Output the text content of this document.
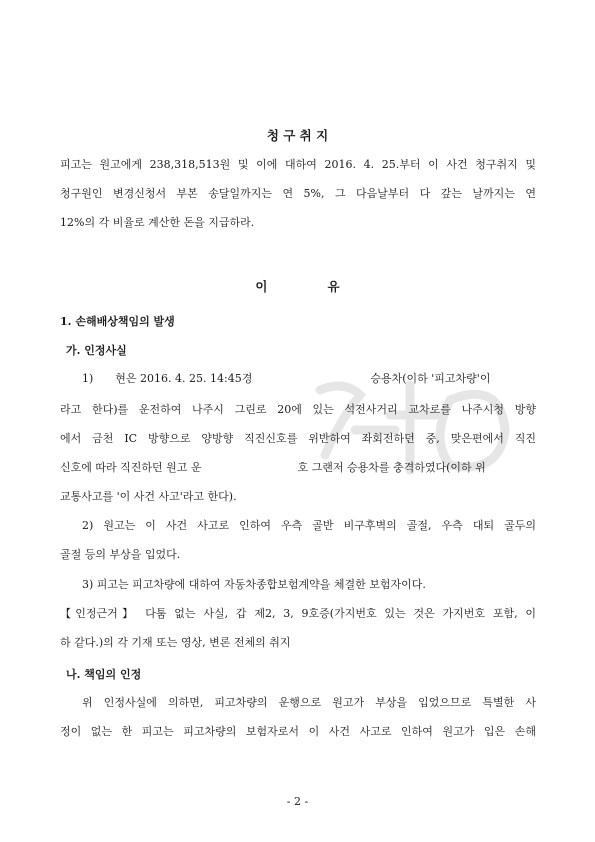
청 구 취 지
피고는 원고에게 238,318,513원 및 이에 대하여 2016. 4. 25.부터 이 사건 청구취지 및
청구원인 변경신청서 부본 송달일까지는 연 5%, 그 다음날부터 다 갚는 날까지는 연
12%의 각 비율로 계산한 돈을 지급하라.
이	유
1. 손해배상책임의 발생
가. 인정사실
1) 현은 2016. 4. 25. 14:45경	승용차(이하 '피고차량'이
라고 한다)를 운전하여 나주시 그린로 20에 있는 석전사거리 교차로를 나주시청 방향
에서 금천 IC 방향으로 양방향 직진신호를 위반하여 좌회전하던 중, 맞은편에서 직진
신호에 따라 직진하던 원고 운	호 그랜저 승용차를 충격하였다(이하 위
교통사고를 '이 사건 사고'라고 한다).
2) 원고는 이 사건 사고로 인하여 우측 골반 비구후벽의 골절, 우측 대퇴 골두의
골절 등의 부상을 입었다.
3) 피고는 피고차량에 대하여 자동차종합보험계약을 체결한 보험자이다.
【인정근거】 다툼 없는 사실, 갑 제2, 3, 9호증(가지번호 있는 것은 가지번호 포함, 이
하 같다.)의 각 기재 또는 영상, 변론 전체의 취지
나. 책임의 인정
위 인정사실에 의하면, 피고차량의 운행으로 원고가 부상을 입었으므로 특별한 사
정이 없는 한 피고는 피고차량의 보험자로서 이 사건 사고로 인하여 원고가 입은 손해
- 2 -
